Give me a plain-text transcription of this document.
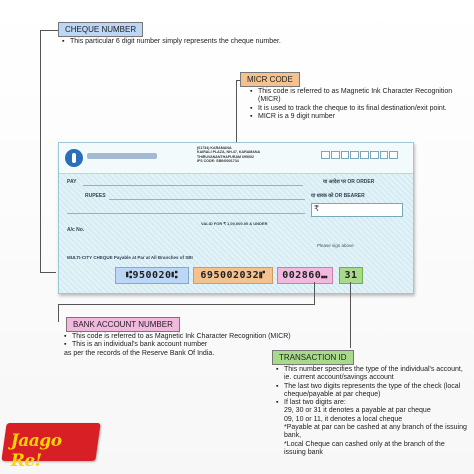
CHEQUE NUMBER
▪ This particular 6 digit number simply represents the cheque number.
MICR CODE
▪ This code is referred to as Magnetic Ink Character Recognition (MICR)
▪ It is used to track the cheque to its final destination/exit point.
▪ MICR is a 9 digit number
(01734) KARAMANA
KAIRALI PLAZA, NH-47, KARAMANA
THIRUVANANTHAPURAM 695002
IFS CODE: SBIN0001734
PAY	या आदेश पर OR ORDER
RUPEES	या धारक को OR BEARER
₹
VALID FOR ₹ 1,00,000.00 & UNDER
A/c No.
Please sign above
MULTI-CITY CHEQUE Payable at Par at All Branches of SBI
⑆950020⑆	695002032⑈	002860⑉	31
BANK ACCOUNT NUMBER
▪ This code is referred to as Magnetic Ink Character Recognition (MICR)
▪ This is an individual's bank account number
as per the records of the Reserve Bank Of India.	TRANSACTION ID
▪ This number specifies the type of the individual's account, ie. current account/savings account
▪ The last two digits represents the type of the check (local cheque/payable at par cheque)
▪ If last two digits are:
29, 30 or 31 it denotes a payable at par cheque
09, 10 or 11, it denotes a local cheque
*Payable at par can be cashed at any branch of the issuing bank,
*Local Cheque can cashed only at the branch of the issuing bank
Jaago Re!
